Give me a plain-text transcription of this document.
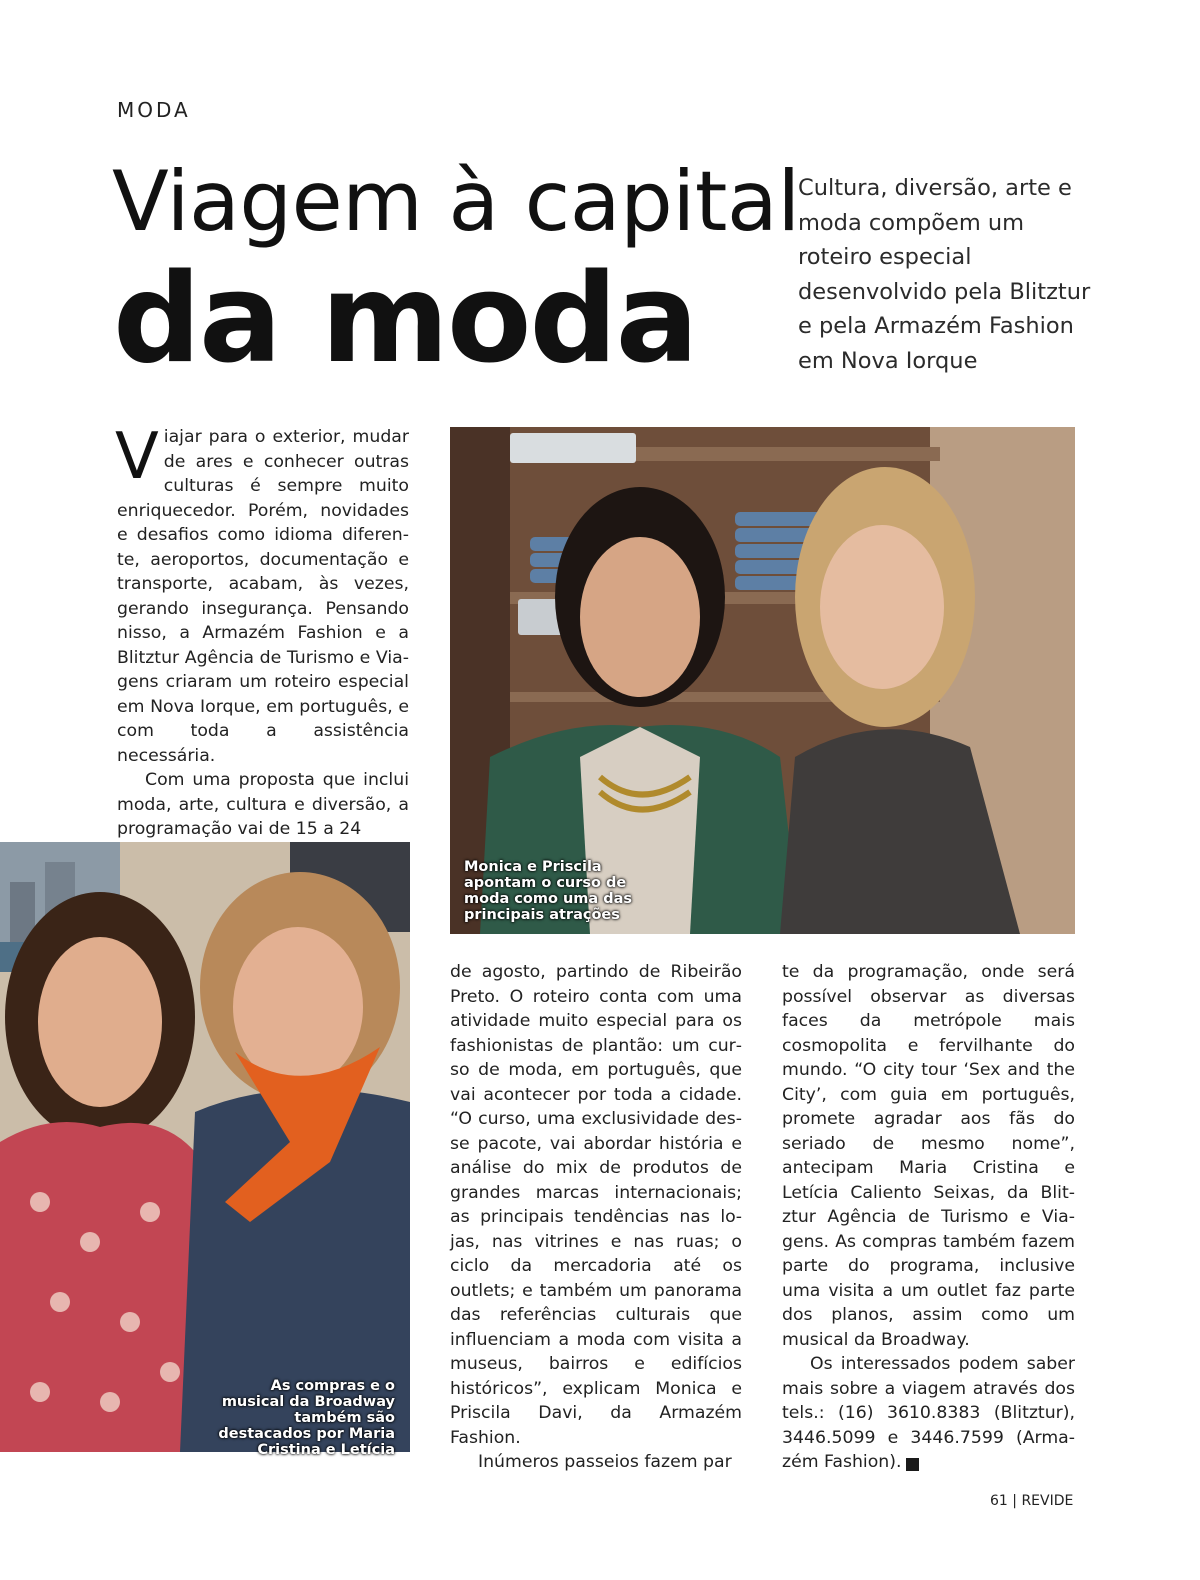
MODA
Viagem à capital
da moda
Cultura, diversão, arte e moda compõem um roteiro especial desenvolvido pela Blitztur e pela Armazém Fashion em Nova Iorque

Viajar para o exterior, mudar de ares e conhecer outras culturas é sempre muito enriquecedor. Porém, novidades e desafios como idioma diferente, aeroportos, documentação e transporte, acabam, às vezes, gerando insegurança. Pensando nisso, a Armazém Fashion e a Blitztur Agência de Turismo e Viagens criaram um roteiro especial em Nova Iorque, em português, e com toda a assistência necessária.

Com uma proposta que inclui moda, arte, cultura e diversão, a programação vai de 15 a 24

Monica e Priscila apontam o curso de moda como uma das principais atrações
As compras e o musical da Broadway também são destacados por Maria Cristina e Letícia

de agosto, partindo de Ribeirão Preto. O roteiro conta com uma atividade muito especial para os fashionistas de plantão: um curso de moda, em português, que vai acontecer por toda a cidade. “O curso, uma exclusividade desse pacote, vai abordar história e análise do mix de produtos de grandes marcas internacionais; as principais tendências nas lojas, nas vitrines e nas ruas; o ciclo da mercadoria até os outlets; e também um panorama das referências culturais que influenciam a moda com visita a museus, bairros e edifícios históricos”, explicam Monica e Priscila Davi, da Armazém Fashion.

Inúmeros passeios fazem par

te da programação, onde será possível observar as diversas faces da metrópole mais cosmopolita e fervilhante do mundo. “O city tour ‘Sex and the City’, com guia em português, promete agradar aos fãs do seriado de mesmo nome”, antecipam Maria Cristina e Letícia Caliento Seixas, da Blitztur Agência de Turismo e Viagens. As compras também fazem parte do programa, inclusive uma visita a um outlet faz parte dos planos, assim como um musical da Broadway.

Os interessados podem saber mais sobre a viagem através dos tels.: (16) 3610.8383 (Blitztur), 3446.5099 e 3446.7599 (Armazém Fashion).	r

61 | REVIDE
